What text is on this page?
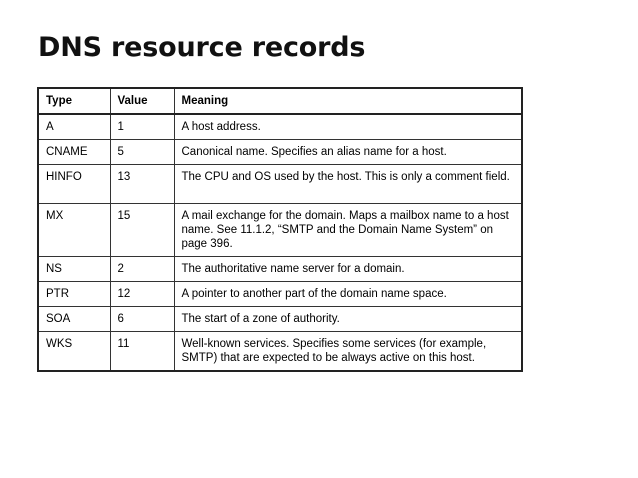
DNS resource records
Type	Value	Meaning
A	1	A host address.
CNAME	5	Canonical name. Specifies an alias name for a host.
HINFO	13	The CPU and OS used by the host. This is only a comment field.
MX	15	A mail exchange for the domain. Maps a mailbox name to a host name. See 11.1.2, “SMTP and the Domain Name System” on page 396.
NS	2	The authoritative name server for a domain.
PTR	12	A pointer to another part of the domain name space.
SOA	6	The start of a zone of authority.
WKS	11	Well-known services. Specifies some services (for example, SMTP) that are expected to be always active on this host.
